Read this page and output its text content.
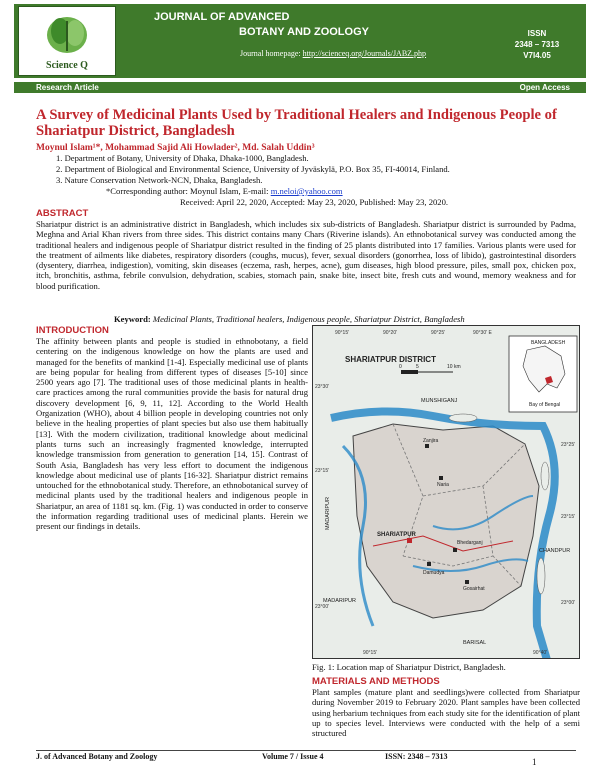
Science Q
JOURNAL OF ADVANCED
BOTANY AND ZOOLOGY
Journal homepage: http://scienceq.org/Journals/JABZ.php
ISSN
2348 – 7313
V7I4.05
Research Article	Open Access
A Survey of Medicinal Plants Used by Traditional Healers and Indigenous People of Shariatpur District, Bangladesh
Moynul Islam¹*, Mohammad Sajid Ali Howlader², Md. Salah Uddin³
1. Department of Botany, University of Dhaka, Dhaka-1000, Bangladesh.
2. Department of Biological and Environmental Science, University of Jyväskylä, P.O. Box 35, FI-40014, Finland.
3. Nature Conservation Network-NCN, Dhaka, Bangladesh.
*Corresponding author: Moynul Islam, E-mail: m.neloi@yahoo.com
Received: April 22, 2020, Accepted: May 23, 2020, Published: May 23, 2020.
ABSTRACT
Shariatpur district is an administrative district in Bangladesh, which includes six sub-districts of Bangladesh. Shariatpur district is surrounded by Padma, Meghna and Arial Khan rivers from three sides. This district contains many Chars (Riverine islands). An ethnobotanical survey was conducted among the traditional healers and indigenous people of Shariatpur district resulted in the finding of 25 plants distributed into 17 families. Various plants were used for the treatment of ailments like diabetes, respiratory disorders (coughs, mucus), fever, sexual disorders (gonorrhea, loss of libido), gastrointestinal disorders (dysentery, diarrhea, indigestion), vomiting, skin diseases (eczema, rash, herpes, acne), gum diseases, high blood pressure, piles, small pox, chicken pox, itch, bronchitis, asthma, febrile convulsion, dehydration, scabies, stomach pain, snake bite, insect bite, fresh cuts and wound, memory weakness and for blood purification.
Keyword: Medicinal Plants, Traditional healers, Indigenous people, Shariatpur District, Bangladesh
INTRODUCTION
The affinity between plants and people is studied in ethnobotany, a field centering on the indigenous knowledge on how the plants are used and managed for the benefits of mankind [1-4]. Especially medicinal use of plants are being popular for healing from different types of diseases [5-10] since 2500 years ago [7]. The traditional uses of those medicinal plants in health-care practices among the rural communities provide the basis for natural drug discovery development [6, 9, 11, 12]. According to the World Health Organization (WHO), about 4 billion people in developing countries not only believe in the healing properties of plant species but also use them habitually [13]. With the modern civilization, traditional knowledge about medicinal plants turns such an increasingly fragmented knowledge, interrupted knowledge transmission from generation to generation [14, 15]. Contrast of South Asia, Bangladesh has very less effort to document the indigenous knowledge about medicinal use of plants [16-32]. Shariatpur district remains untouched for the ethnobotanical study. Therefore, an ethnobotanical survey of medicinal plants used by the traditional healers and indigenous people in Shariatpur, an area of 1181 sq. km. (Fig. 1) was conducted in order to conserve the information regarding traditional uses of medicinal plants. Herein we present our findings in details.
SHARIATPUR DISTRICT
0	5	10 km
90°15'	90°20'	90°25'	90°30' E
90°15'	90°40'
23°30'
23°15'
23°00'
23°25'
23°15'
23°00'
BANGLADESH
Bay of Bengal
MUNSHIGANJ
MADARIPUR
MADARIPUR
CHANDPUR
BARISAL
SHARIATPUR
Zanjira
Naria
Bhedarganj
Damudya
Gosairhat
Fig. 1: Location map of Shariatpur District, Bangladesh.
MATERIALS AND METHODS
Plant samples (mature plant and seedlings)were collected from Shariatpur during November 2019 to February 2020. Plant samples have been collected using herbarium techniques from each study site for the identification of plant up to species level. Interviews were conducted with the help of a semi structured
J. of Advanced Botany and Zoology	Volume 7 / Issue 4	ISSN: 2348 – 7313
1
